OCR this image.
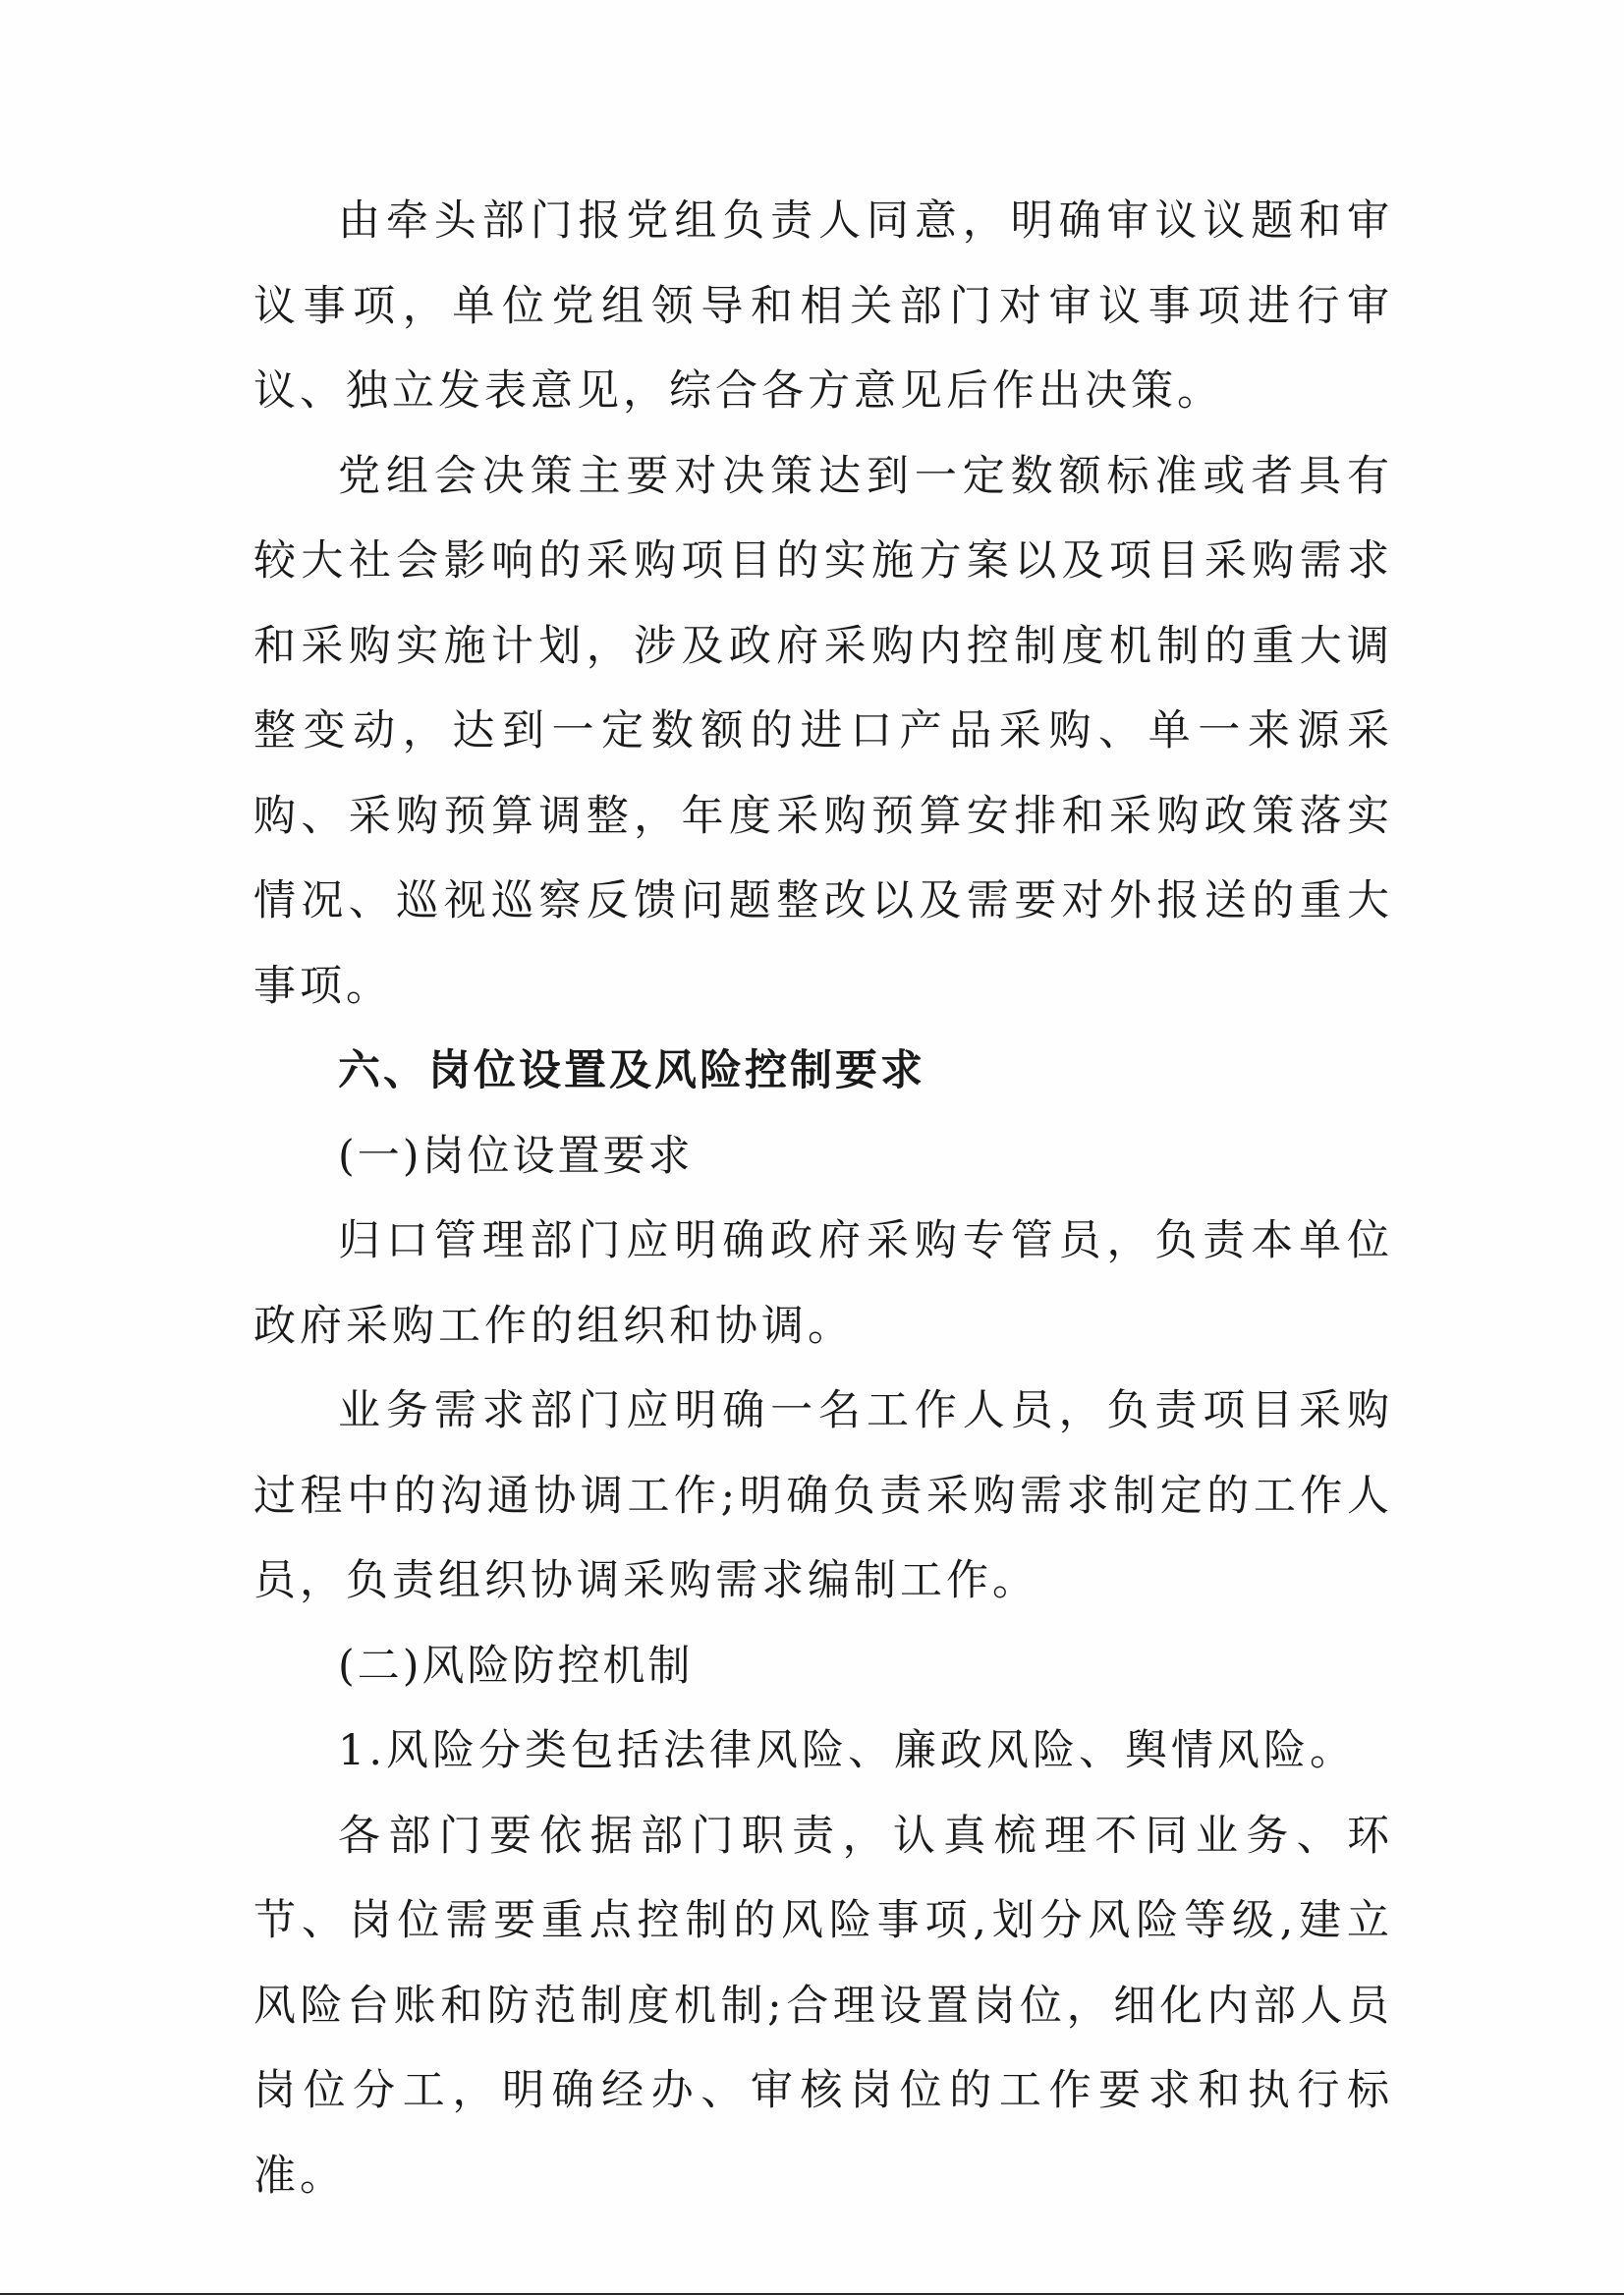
由牵头部门报党组负责人同意，明确审议议题和审议事项，单位党组领导和相关部门对审议事项进行审议、独立发表意见，综合各方意见后作出决策。

党组会决策主要对决策达到一定数额标准或者具有较大社会影响的采购项目的实施方案以及项目采购需求和采购实施计划，涉及政府采购内控制度机制的重大调整变动，达到一定数额的进口产品采购、单一来源采购、采购预算调整，年度采购预算安排和采购政策落实情况、巡视巡察反馈问题整改以及需要对外报送的重大事项。

六、岗位设置及风险控制要求

(一)岗位设置要求

归口管理部门应明确政府采购专管员，负责本单位政府采购工作的组织和协调。

业务需求部门应明确一名工作人员，负责项目采购过程中的沟通协调工作;明确负责采购需求制定的工作人员，负责组织协调采购需求编制工作。

(二)风险防控机制

1.风险分类包括法律风险、廉政风险、舆情风险。

各部门要依据部门职责，认真梳理不同业务、环节、岗位需要重点控制的风险事项,划分风险等级,建立风险台账和防范制度机制;合理设置岗位，细化内部人员岗位分工，明确经办、审核岗位的工作要求和执行标准。
